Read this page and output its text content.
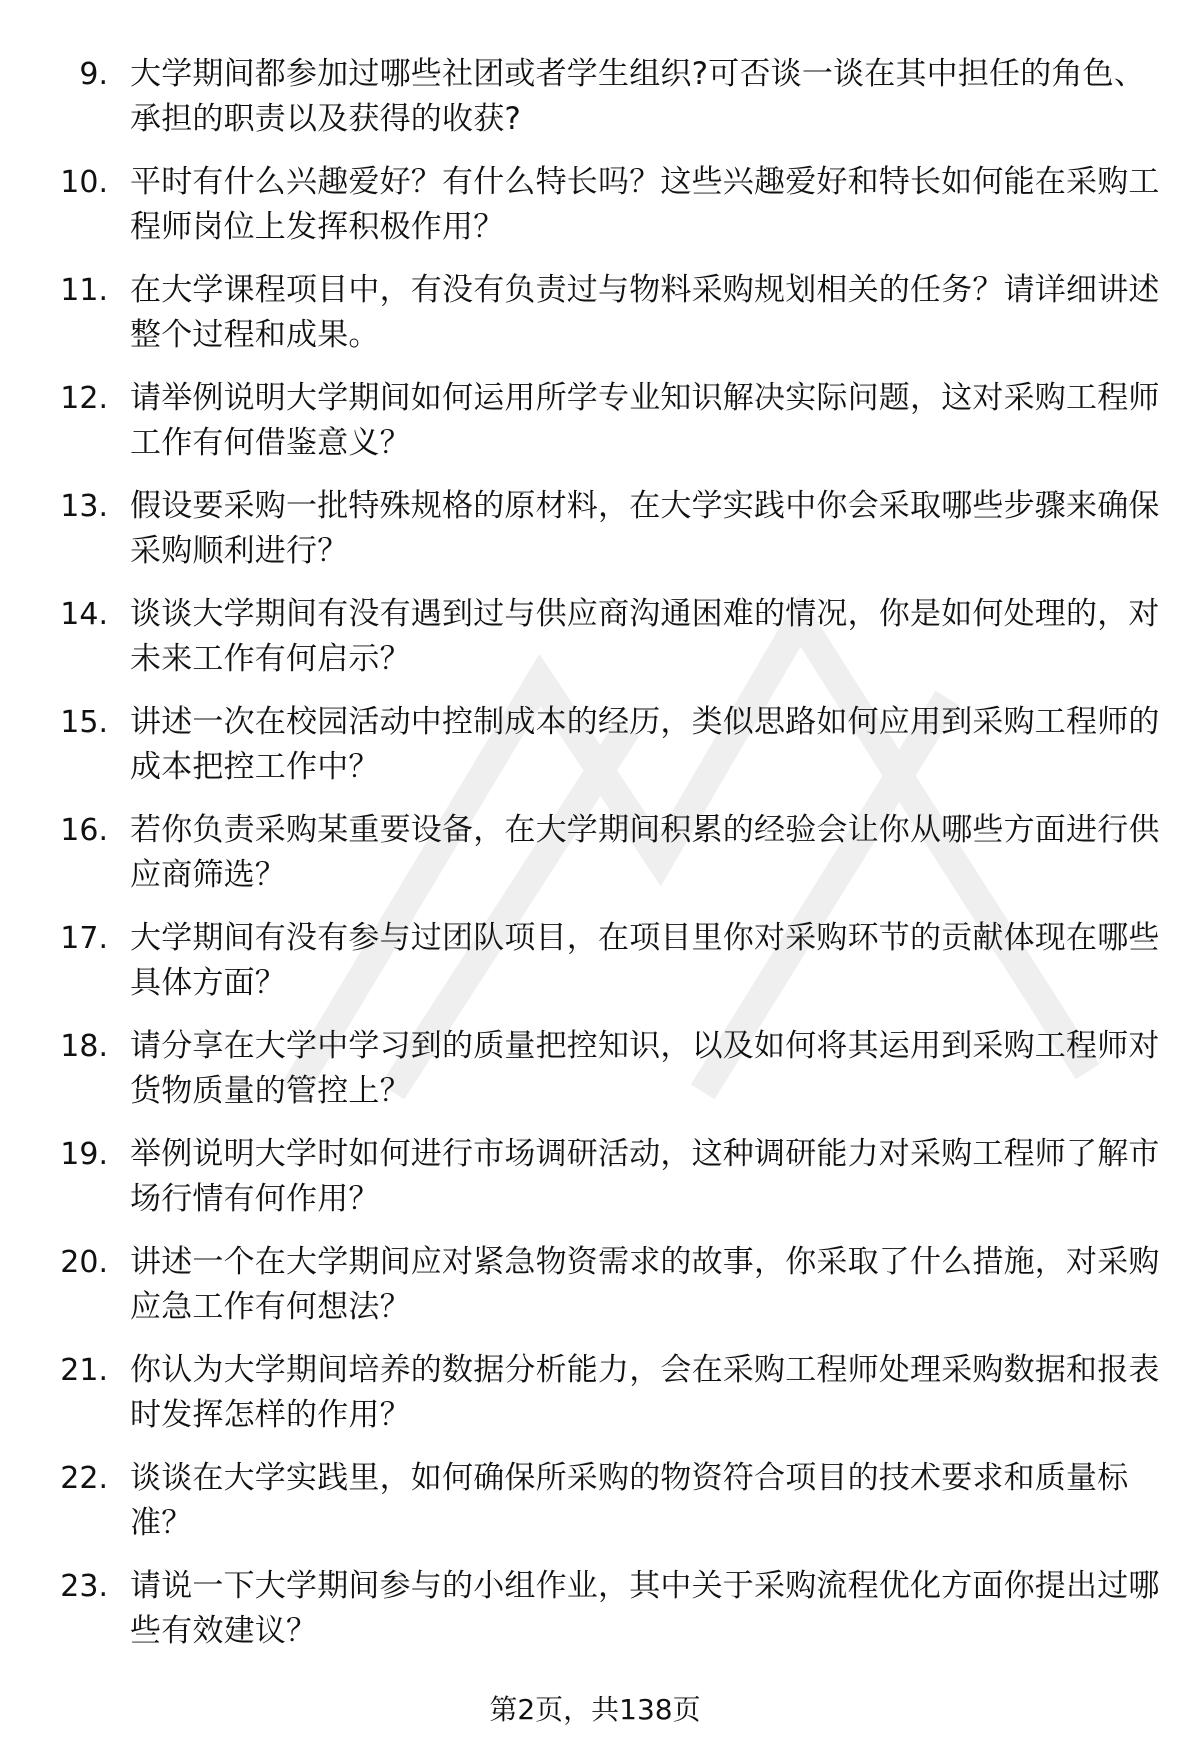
9. 大学期间都参加过哪些社团或者学生组织?可否谈一谈在其中担任的角色、承担的职责以及获得的收获?
10. 平时有什么兴趣爱好？有什么特长吗？这些兴趣爱好和特长如何能在采购工程师岗位上发挥积极作用？
11. 在大学课程项目中，有没有负责过与物料采购规划相关的任务？请详细讲述整个过程和成果。
12. 请举例说明大学期间如何运用所学专业知识解决实际问题，这对采购工程师工作有何借鉴意义？
13. 假设要采购一批特殊规格的原材料，在大学实践中你会采取哪些步骤来确保采购顺利进行？
14. 谈谈大学期间有没有遇到过与供应商沟通困难的情况，你是如何处理的，对未来工作有何启示？
15. 讲述一次在校园活动中控制成本的经历，类似思路如何应用到采购工程师的成本把控工作中？
16. 若你负责采购某重要设备，在大学期间积累的经验会让你从哪些方面进行供应商筛选？
17. 大学期间有没有参与过团队项目，在项目里你对采购环节的贡献体现在哪些具体方面？
18. 请分享在大学中学习到的质量把控知识，以及如何将其运用到采购工程师对货物质量的管控上？
19. 举例说明大学时如何进行市场调研活动，这种调研能力对采购工程师了解市场行情有何作用？
20. 讲述一个在大学期间应对紧急物资需求的故事，你采取了什么措施，对采购应急工作有何想法？
21. 你认为大学期间培养的数据分析能力，会在采购工程师处理采购数据和报表时发挥怎样的作用？
22. 谈谈在大学实践里，如何确保所采购的物资符合项目的技术要求和质量标准？
23. 请说一下大学期间参与的小组作业，其中关于采购流程优化方面你提出过哪些有效建议？
第2页，共138页
